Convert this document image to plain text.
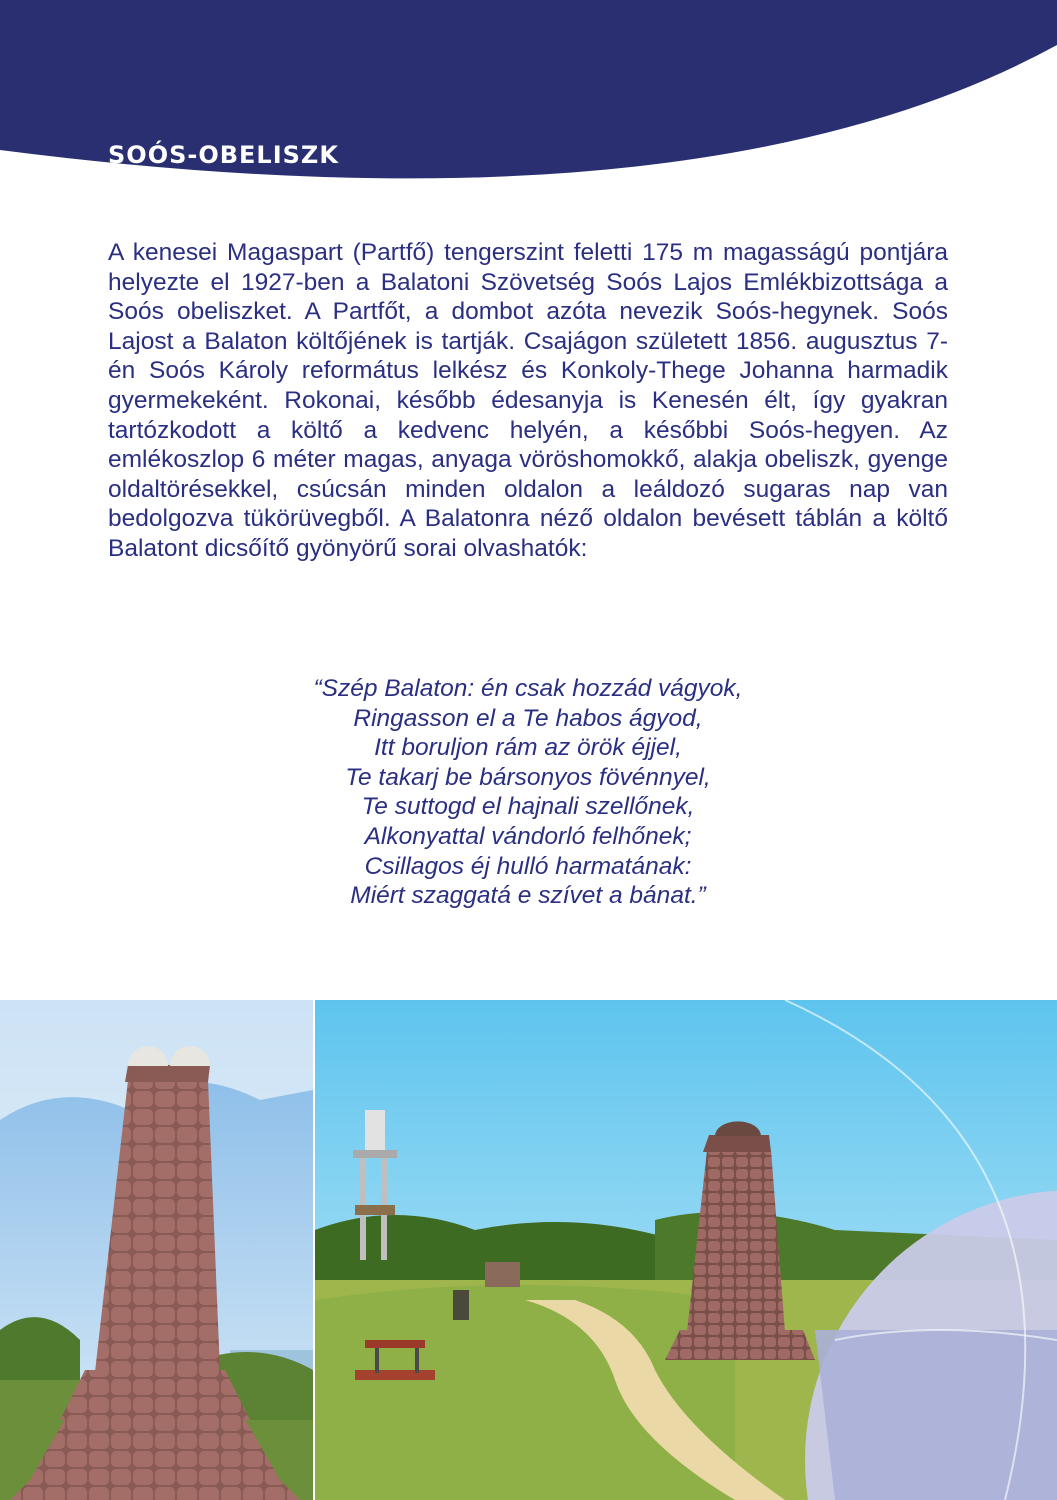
SOÓS-OBELISZK

A kenesei Magaspart (Partfő) tengerszint feletti 175 m magasságú pontjára helyezte el 1927-ben a Balatoni Szövetség Soós Lajos Emlékbizottsága a Soós obeliszket. A Partfőt, a dombot azóta nevezik Soós-hegynek. Soós Lajost a Balaton költőjének is tartják. Csajágon született 1856. augusztus 7-én Soós Károly református lelkész és Konkoly-Thege Johanna harmadik gyermekeként. Rokonai, később édesanyja is Kenesén élt, így gyakran tartózkodott a költő a kedvenc helyén, a későbbi Soós-hegyen. Az emlékoszlop 6 méter magas, anyaga vöröshomokkő, alakja obeliszk, gyenge oldaltörésekkel, csúcsán minden oldalon a leáldozó sugaras nap van bedolgozva tükörüvegből. A Balatonra néző oldalon bevésett táblán a költő Balatont dicsőítő gyönyörű sorai olvashatók:

“Szép Balaton: én csak hozzád vágyok,
Ringasson el a Te habos ágyod,
Itt boruljon rám az örök éjjel,
Te takarj be bársonyos fövénnyel,
Te suttogd el hajnali szellőnek,
Alkonyattal vándorló felhőnek;
Csillagos éj hulló harmatának:
Miért szaggatá e szívet a bánat.”
